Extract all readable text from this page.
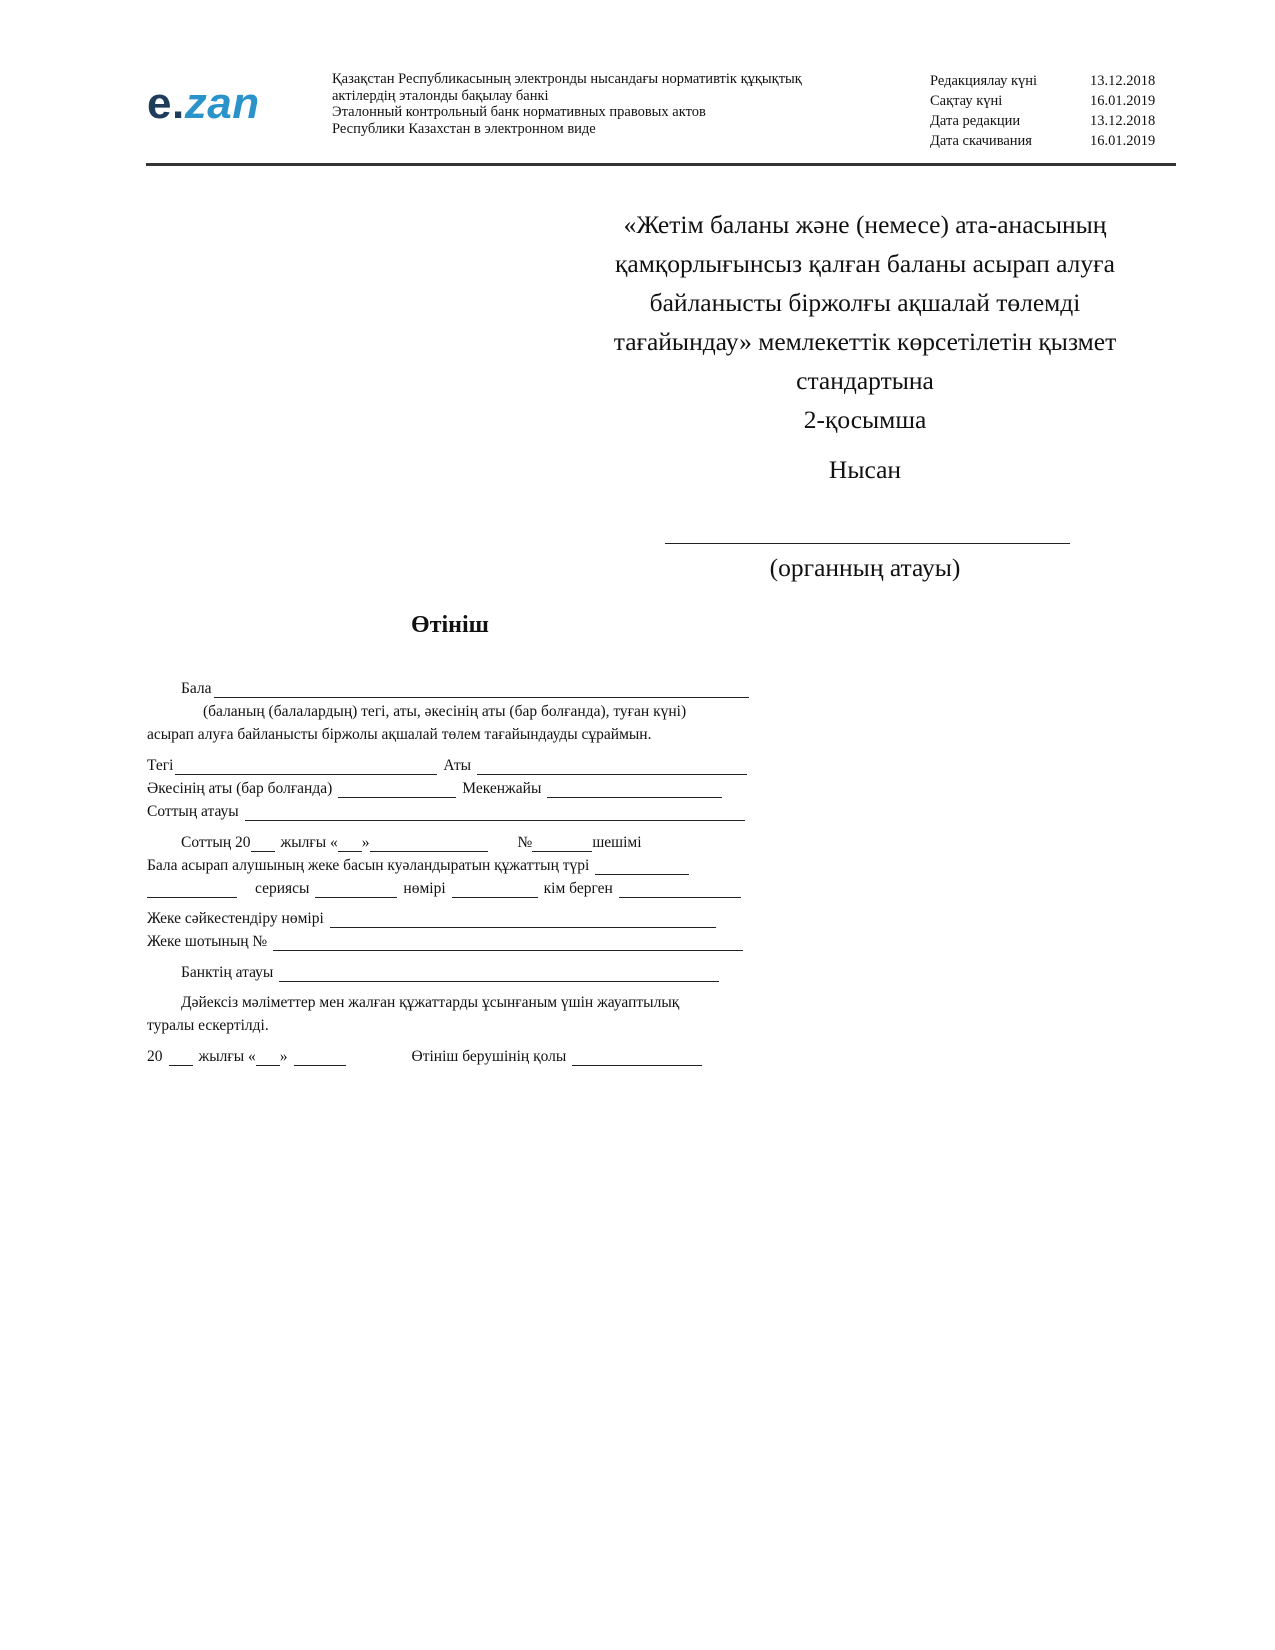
e.zan	Қазақстан Республикасының электронды нысандағы нормативтік құқықтық
актілердің эталонды бақылау банкі
Эталонный контрольный банк нормативных правовых актов
Республики Казахстан в электронном виде
Редакциялау күні	13.12.2018
Сақтау күні	16.01.2019
Дата редакции	13.12.2018
Дата скачивания	16.01.2019
«Жетім баланы және (немесе) ата-анасының
қамқорлығынсыз қалған баланы асырап алуға
байланысты біржолғы ақшалай төлемді
тағайындау» мемлекеттік көрсетілетін қызмет
стандартына
2-қосымша
Нысан
(органның атауы)
Өтініш
Бала
(баланың (балалардың) тегі, аты, әкесінің аты (бар болғанда), туған күні)
асырап алуға байланысты біржолы ақшалай төлем тағайындауды сұраймын.
Тегі	Аты
Әкесінің аты (бар болғанда)	Мекенжайы
Соттың атауы
Соттың 20 жылғы « »	№	шешімі
Бала асырап алушының жеке басын куәландыратын құжаттың түрі
сериясы	нөмірі	кім берген
Жеке сәйкестендіру нөмірі
Жеке шотының №
Банктің атауы
Дәйексіз мәліметтер мен жалған құжаттарды ұсынғаным үшін жауаптылық
туралы ескертілді.
20 жылғы « »	Өтініш берушінің қолы
